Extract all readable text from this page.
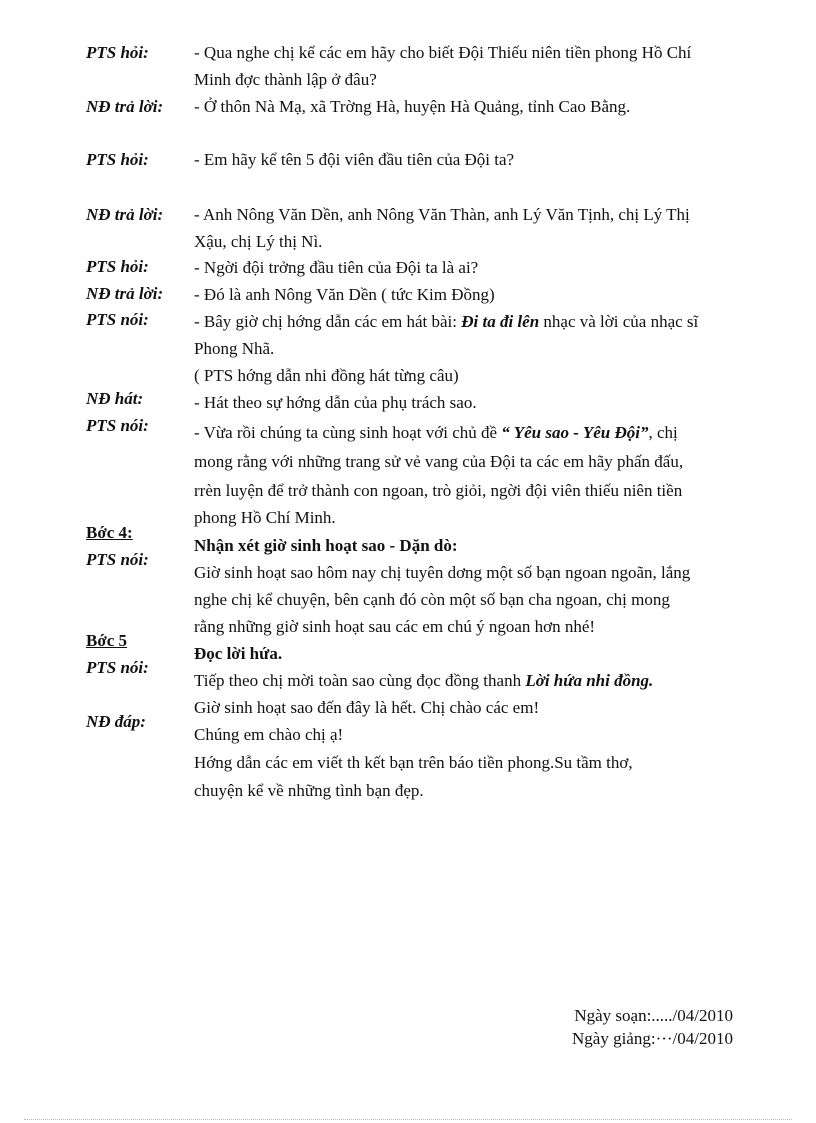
PTS hỏi:
NĐ trả lời:
PTS hỏi:
NĐ trả lời:
PTS hỏi:
NĐ trả lời:
PTS nói:
NĐ hát:
PTS nói:
Bớc 4:
PTS nói:
Bớc 5
PTS nói:
NĐ đáp:
- Qua nghe chị kể các em hãy cho biết Đội Thiếu niên tiền phong Hồ Chí
Minh đợc thành lập ở đâu?
- Ở thôn Nà Mạ, xã Trờng Hà, huyện Hà Quảng, tỉnh Cao Bằng.
- Em hãy kể tên 5 đội viên đầu tiên của Đội ta?
- Anh Nông Văn Dền, anh Nông Văn Thàn, anh Lý Văn Tịnh, chị Lý Thị
Xậu, chị Lý thị Nì.
- Ngời đội trởng đầu tiên của Đội ta là ai?
- Đó là anh Nông Văn Dền ( tức Kim Đồng)
- Bây giờ chị hớng dẫn các em hát bài: Đi ta đi lên nhạc và lời của nhạc sĩ
Phong Nhã.
( PTS hớng dẫn nhi đồng hát từng câu)
- Hát theo sự hớng dẫn của phụ trách sao.
- Vừa rồi chúng ta cùng sinh hoạt với chủ đề “ Yêu sao - Yêu Đội”, chị
mong rằng với những trang sử vẻ vang của Đội ta các em hãy phấn đấu,
rrèn luyện để trở thành con ngoan, trò giỏi, ngời đội viên thiếu niên tiền
phong Hồ Chí Minh.
Nhận xét giờ sinh hoạt sao - Dặn dò:
Giờ sinh hoạt sao hôm nay chị tuyên dơng một số bạn ngoan ngoãn, lắng
nghe chị kể chuyện, bên cạnh đó còn một số bạn cha ngoan, chị mong
rằng những giờ sinh hoạt sau các em chú ý ngoan hơn nhé!
Đọc lời hứa.
Tiếp theo chị mời toàn sao cùng đọc đồng thanh Lời hứa nhi đồng.
Giờ sinh hoạt sao đến đây là hết. Chị chào các em!
Chúng em chào chị ạ!
Hớng dẫn các em viết th kết bạn trên báo tiền phong.Su tầm thơ,
chuyện kể về những tình bạn đẹp.
Ngày soạn:...../04/2010
Ngày giảng:···/04/2010
